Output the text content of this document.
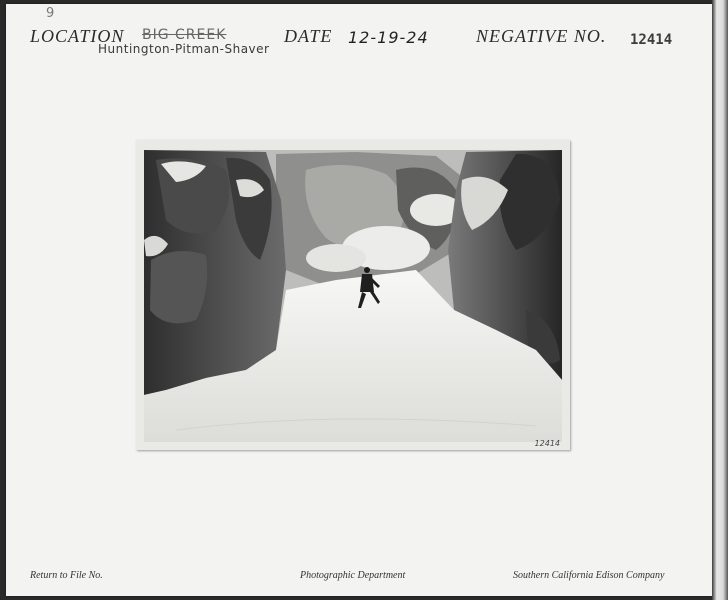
9
LOCATION BIG CREEK
Huntington-Pitman-Shaver
DATE 12-19-24	NEGATIVE NO. 12414
12414
Return to File No.	Photographic Department	Southern California Edison Company
